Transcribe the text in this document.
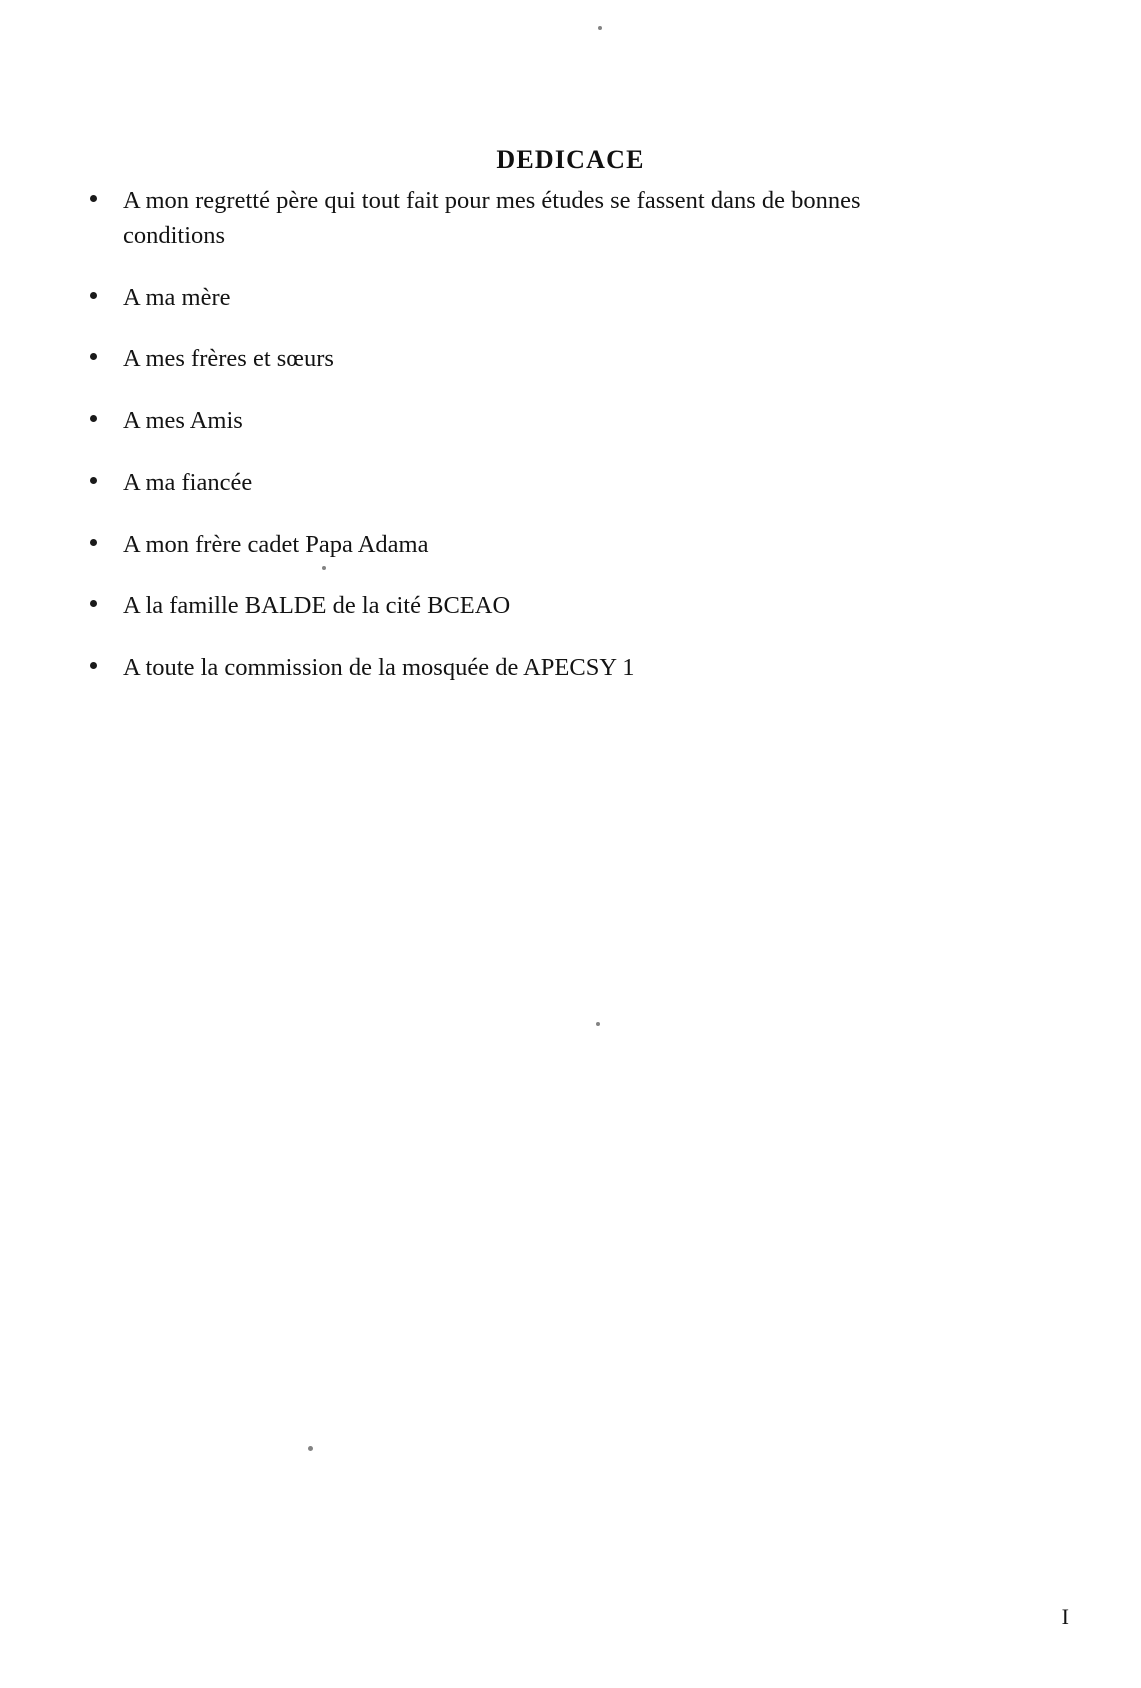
DEDICACE
A mon regretté père qui tout fait pour mes études se fassent dans de bonnes conditions
A ma mère
A mes frères et sœurs
A mes Amis
A ma fiancée
A mon frère cadet Papa Adama
A la famille BALDE de la cité BCEAO
A toute la commission de la mosquée de APECSY 1
I
